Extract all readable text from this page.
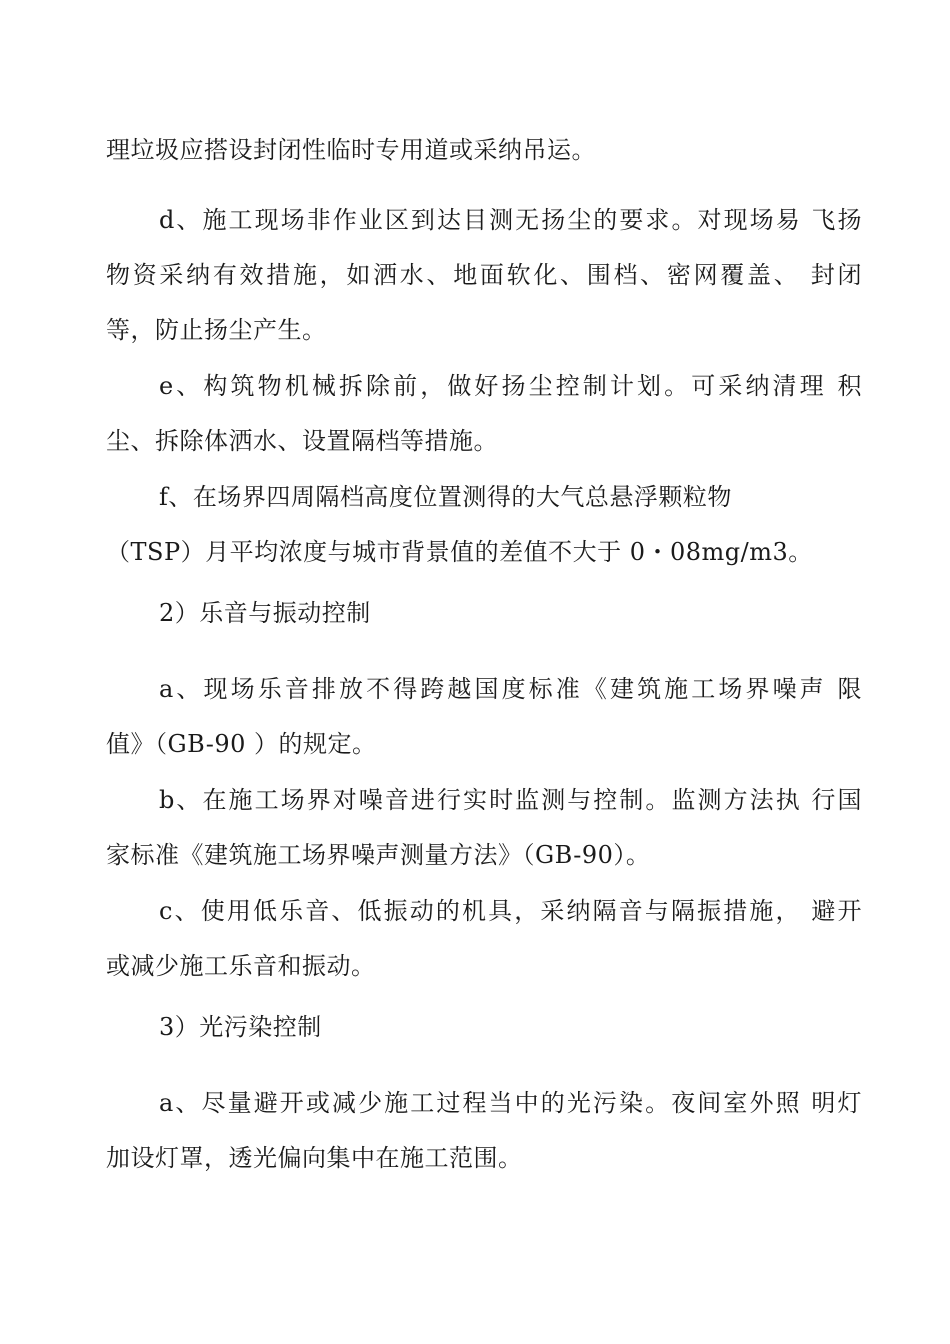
理垃圾应搭设封闭性临时专用道或采纳吊运。
d、施工现场非作业区到达目测无扬尘的要求。对现场易 飞扬
物资采纳有效措施，如洒水、地面软化、围档、密网覆盖、 封闭
等，防止扬尘产生。
e、构筑物机械拆除前，做好扬尘控制计划。可采纳清理 积
尘、拆除体洒水、设置隔档等措施。
f、在场界四周隔档高度位置测得的大气总悬浮颗粒物
（TSP）月平均浓度与城市背景值的差值不大于 0・08mg/m3。
2）乐音与振动控制
a、现场乐音排放不得跨越国度标准《建筑施工场界噪声 限
值》（GB-90 ）的规定。
b、在施工场界对噪音进行实时监测与控制。监测方法执 行国
家标准《建筑施工场界噪声测量方法》（GB-90）。
c、使用低乐音、低振动的机具，采纳隔音与隔振措施， 避开
或减少施工乐音和振动。
3）光污染控制
a、尽量避开或减少施工过程当中的光污染。夜间室外照 明灯
加设灯罩，透光偏向集中在施工范围。
